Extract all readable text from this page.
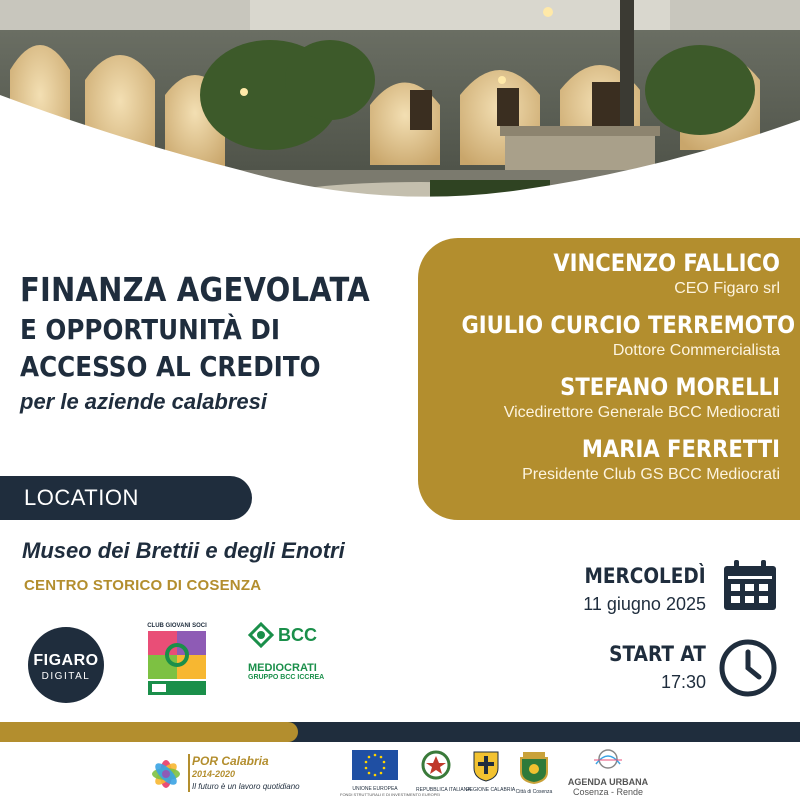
FINANZA AGEVOLATA
E OPPORTUNITÀ DI
ACCESSO AL CREDITO
per le aziende calabresi
VINCENZO FALLICO
CEO Figaro srl
GIULIO CURCIO TERREMOTO
Dottore Commercialista
STEFANO MORELLI
Vicedirettore Generale BCC Mediocrati
MARIA FERRETTI
Presidente Club GS BCC Mediocrati
LOCATION
Museo dei Brettii e degli Enotri
CENTRO STORICO DI COSENZA
FIGARO
DIGITAL
CLUB GIOVANI SOCI	BCC
MEDIOCRATI
GRUPPO BCC ICCREA
MERCOLEDÌ
11 giugno 2025
START AT
17:30
POR Calabria
2014-2020
Il futuro è un lavoro quotidiano	UNIONE EUROPEA
FONDI STRUTTURALI E DI INVESTIMENTO EUROPEI
REPUBBLICA ITALIANA
REGIONE CALABRIA Città di Cosenza
AGENDA URBANA
Cosenza - Rende
